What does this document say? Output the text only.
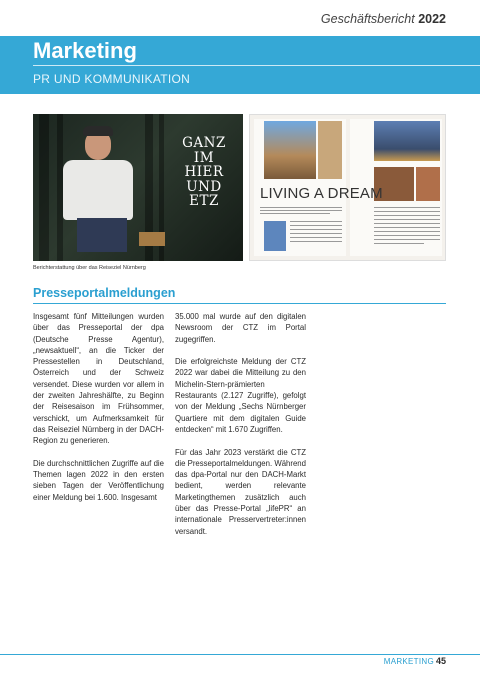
Geschäftsbericht 2022
Marketing
PR UND KOMMUNIKATION
GANZ
IM
HIER
UND
ETZ	LIVING A DREAM
Berichterstattung über das Reiseziel Nürnberg
Presseportalmeldungen

Insgesamt fünf Mitteilungen wurden über das Presseportal der dpa (Deutsche Presse Agentur), „newsaktuell“, an die Ticker der Pressestellen in Deutschland, Österreich und der Schweiz versendet. Diese wurden vor allem in der zweiten Jahreshälfte, zu Beginn der Reisesaison im Frühsommer, verschickt, um Aufmerksamkeit für das Reiseziel Nürnberg in der DACH-Region zu generieren.

Die durchschnittlichen Zugriffe auf die Themen lagen 2022 in den ersten sieben Tagen der Veröffentlichung einer Meldung bei 1.600. Insgesamt

35.000 mal wurde auf den digitalen Newsroom der CTZ im Portal zugegriffen.

Die erfolgreichste Meldung der CTZ 2022 war dabei die Mitteilung zu den Michelin-Stern-prämierten Restaurants (2.127 Zugriffe), gefolgt von der Meldung „Sechs Nürnberger Quartiere mit dem digitalen Guide entdecken“ mit 1.670 Zugriffen.

Für das Jahr 2023 verstärkt die CTZ die Presseportalmeldungen. Während das dpa-Portal nur den DACH-Markt bedient, werden relevante Marketingthemen zusätzlich auch über das Presse-Portal „lifePR“ an internationale Presservertreter:innen versandt.

MARKETING 45
